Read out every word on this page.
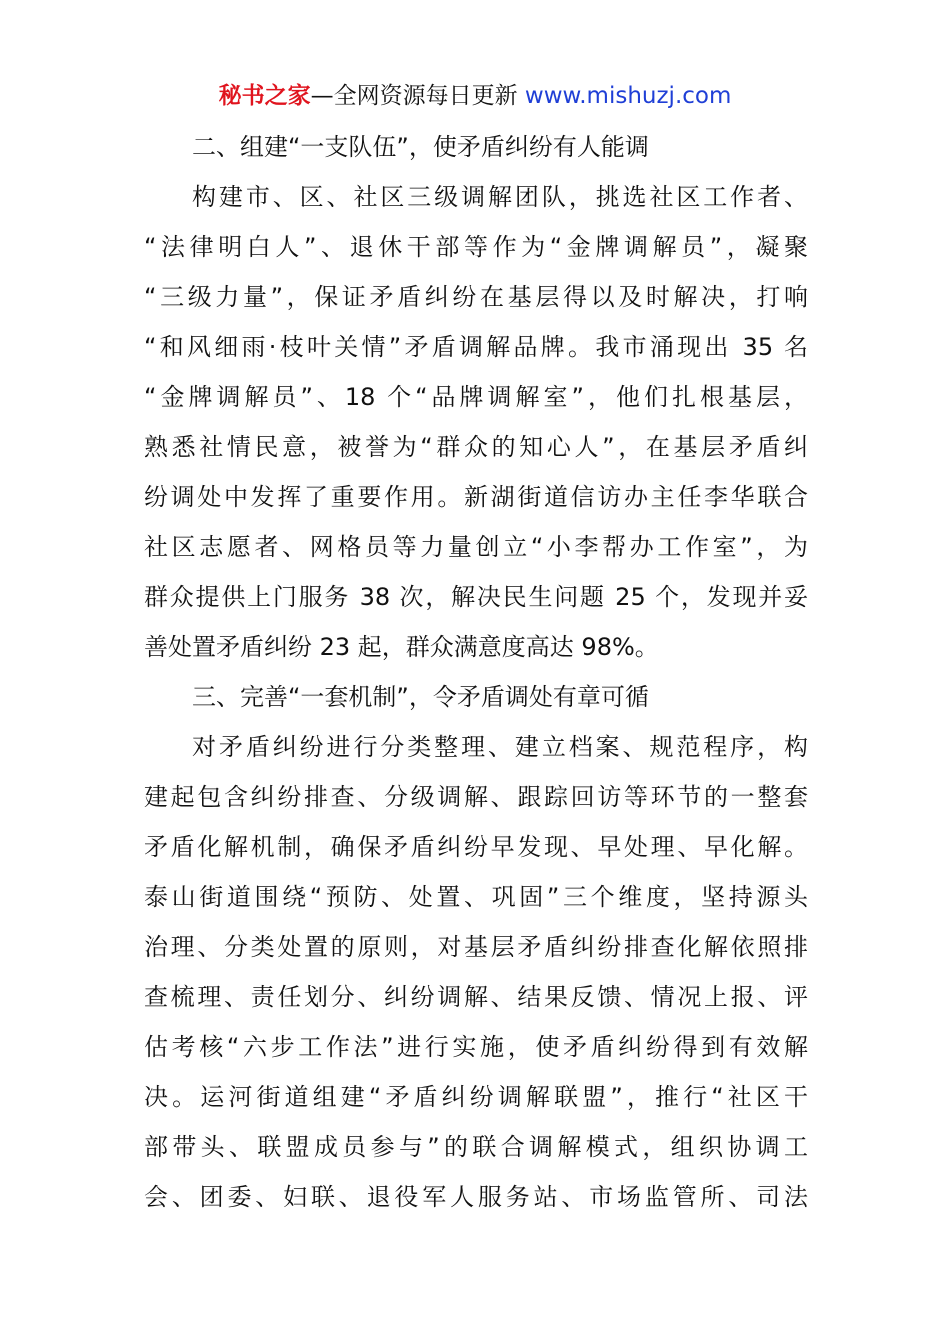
秘书之家—全网资源每日更新 www.mishuzj.com
二、组建“一支队伍”，使矛盾纠纷有人能调
构建市、区、社区三级调解团队，挑选社区工作者、
“法律明白人”、退休干部等作为“金牌调解员”，凝聚
“三级力量”，保证矛盾纠纷在基层得以及时解决，打响
“和风细雨·枝叶关情”矛盾调解品牌。我市涌现出 35 名
“金牌调解员”、18 个“品牌调解室”，他们扎根基层，
熟悉社情民意，被誉为“群众的知心人”，在基层矛盾纠
纷调处中发挥了重要作用。新湖街道信访办主任李华联合
社区志愿者、网格员等力量创立“小李帮办工作室”，为
群众提供上门服务 38 次，解决民生问题 25 个，发现并妥
善处置矛盾纠纷 23 起，群众满意度高达 98%。
三、完善“一套机制”，令矛盾调处有章可循
对矛盾纠纷进行分类整理、建立档案、规范程序，构
建起包含纠纷排查、分级调解、跟踪回访等环节的一整套
矛盾化解机制，确保矛盾纠纷早发现、早处理、早化解。
泰山街道围绕“预防、处置、巩固”三个维度，坚持源头
治理、分类处置的原则，对基层矛盾纠纷排查化解依照排
查梳理、责任划分、纠纷调解、结果反馈、情况上报、评
估考核“六步工作法”进行实施，使矛盾纠纷得到有效解
决。运河街道组建“矛盾纠纷调解联盟”，推行“社区干
部带头、联盟成员参与”的联合调解模式，组织协调工
会、团委、妇联、退役军人服务站、市场监管所、司法
